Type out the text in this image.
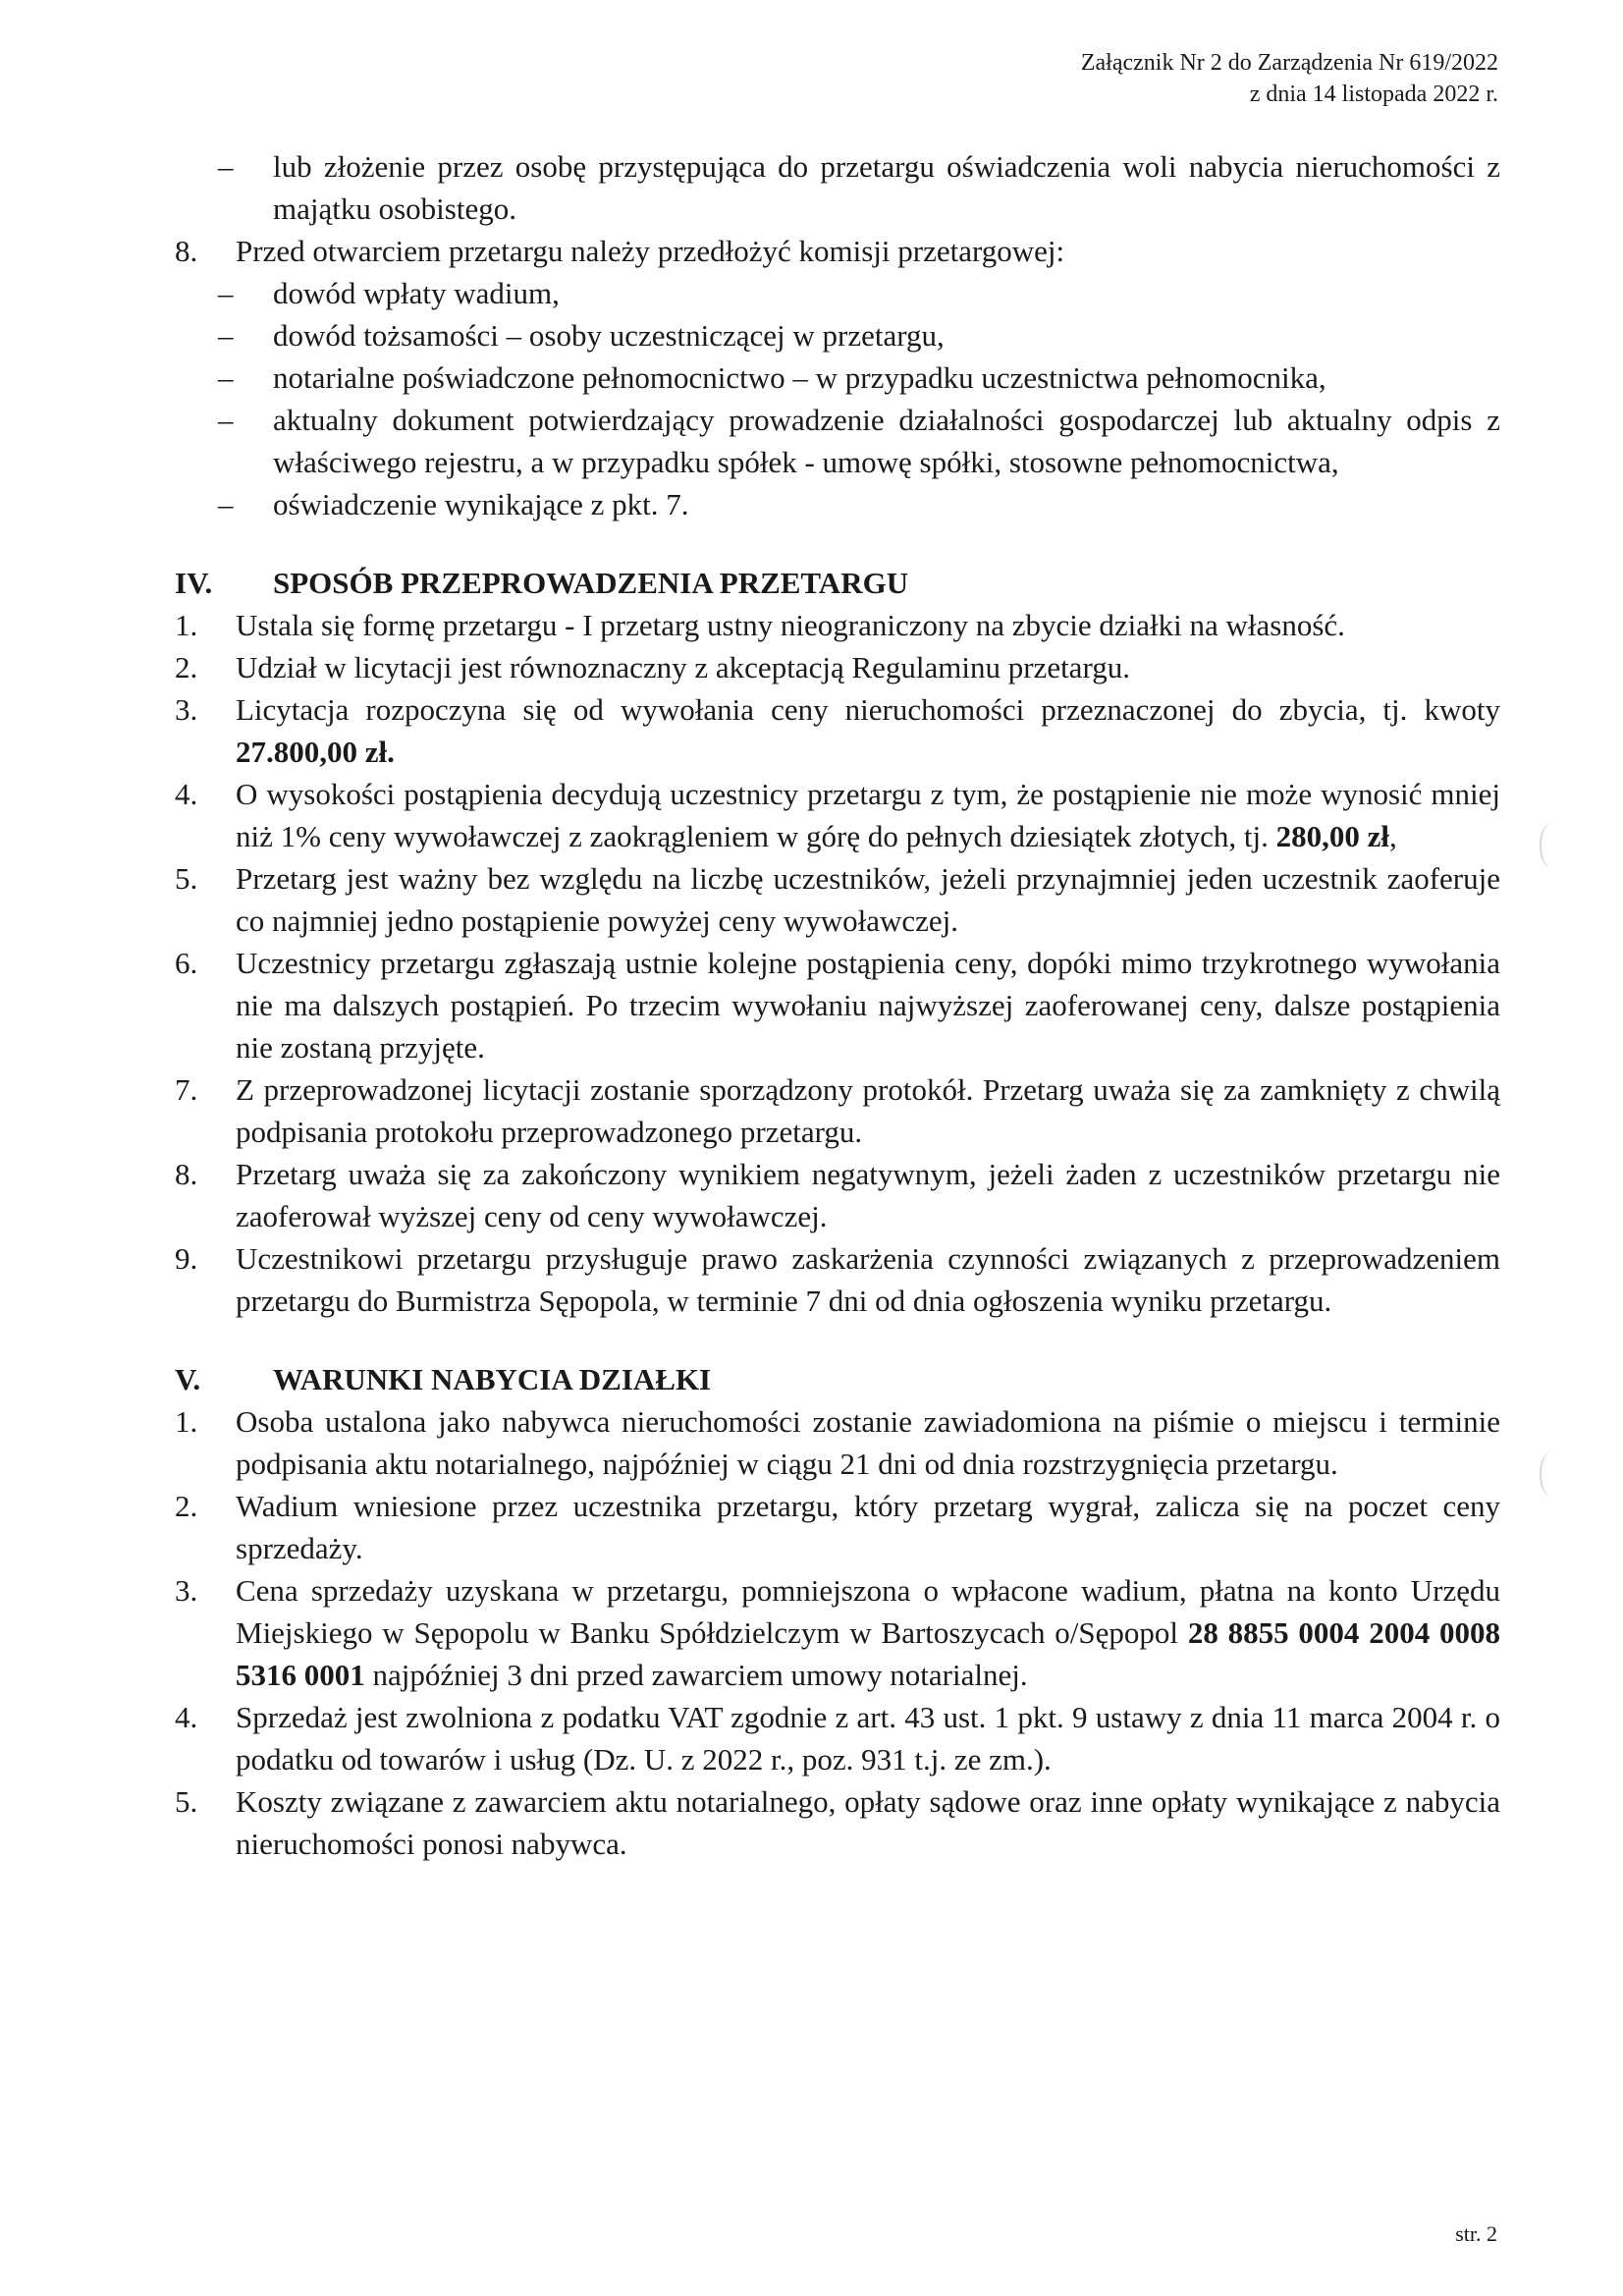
Załącznik Nr 2 do Zarządzenia Nr 619/2022
z dnia 14 listopada 2022 r.
– lub złożenie przez osobę przystępująca do przetargu oświadczenia woli nabycia nieruchomości z majątku osobistego.
8.	Przed otwarciem przetargu należy przedłożyć komisji przetargowej:
– dowód wpłaty wadium,
– dowód tożsamości – osoby uczestniczącej w przetargu,
– notarialne poświadczone pełnomocnictwo – w przypadku uczestnictwa pełnomocnika,
– aktualny dokument potwierdzający prowadzenie działalności gospodarczej lub aktualny odpis z właściwego rejestru, a w przypadku spółek - umowę spółki, stosowne pełnomocnictwa,
– oświadczenie wynikające z pkt. 7.
IV. SPOSÓB PRZEPROWADZENIA PRZETARGU
1.	Ustala się formę przetargu - I przetarg ustny nieograniczony na zbycie działki na własność.
2.	Udział w licytacji jest równoznaczny z akceptacją Regulaminu przetargu.
3.	Licytacja rozpoczyna się od wywołania ceny nieruchomości przeznaczonej do zbycia, tj. kwoty 27.800,00 zł.
4.	O wysokości postąpienia decydują uczestnicy przetargu z tym, że postąpienie nie może wynosić mniej niż 1% ceny wywoławczej z zaokrągleniem w górę do pełnych dziesiątek złotych, tj. 280,00 zł,
5.	Przetarg jest ważny bez względu na liczbę uczestników, jeżeli przynajmniej jeden uczestnik zaoferuje co najmniej jedno postąpienie powyżej ceny wywoławczej.
6.	Uczestnicy przetargu zgłaszają ustnie kolejne postąpienia ceny, dopóki mimo trzykrotnego wywołania nie ma dalszych postąpień. Po trzecim wywołaniu najwyższej zaoferowanej ceny, dalsze postąpienia nie zostaną przyjęte.
7.	Z przeprowadzonej licytacji zostanie sporządzony protokół. Przetarg uważa się za zamknięty z chwilą podpisania protokołu przeprowadzonego przetargu.
8.	Przetarg uważa się za zakończony wynikiem negatywnym, jeżeli żaden z uczestników przetargu nie zaoferował wyższej ceny od ceny wywoławczej.
9.	Uczestnikowi przetargu przysługuje prawo zaskarżenia czynności związanych z przeprowadzeniem przetargu do Burmistrza Sępopola, w terminie 7 dni od dnia ogłoszenia wyniku przetargu.
V. WARUNKI NABYCIA DZIAŁKI
1.	Osoba ustalona jako nabywca nieruchomości zostanie zawiadomiona na piśmie o miejscu i terminie podpisania aktu notarialnego, najpóźniej w ciągu 21 dni od dnia rozstrzygnięcia przetargu.
2.	Wadium wniesione przez uczestnika przetargu, który przetarg wygrał, zalicza się na poczet ceny sprzedaży.
3.	Cena sprzedaży uzyskana w przetargu, pomniejszona o wpłacone wadium, płatna na konto Urzędu Miejskiego w Sępopolu w Banku Spółdzielczym w Bartoszycach o/Sępopol 28 8855 0004 2004 0008 5316 0001 najpóźniej 3 dni przed zawarciem umowy notarialnej.
4.	Sprzedaż jest zwolniona z podatku VAT zgodnie z art. 43 ust. 1 pkt. 9 ustawy z dnia 11 marca 2004 r. o podatku od towarów i usług (Dz. U. z 2022 r., poz. 931 t.j. ze zm.).
5.	Koszty związane z zawarciem aktu notarialnego, opłaty sądowe oraz inne opłaty wynikające z nabycia nieruchomości ponosi nabywca.
str. 2
